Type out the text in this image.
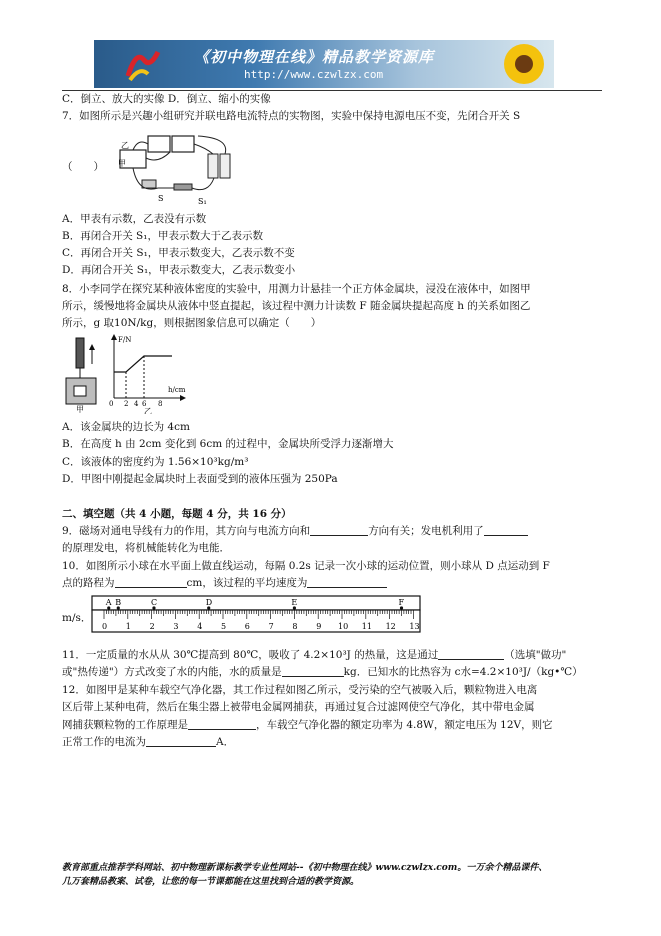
《初中物理在线》精品教学资源库
http://www.czwlzx.com
C．倒立、放大的实像 D．倒立、缩小的实像
7．如图所示是兴趣小组研究并联电路电流特点的实物图，实验中保持电源电压不变，先闭合开关 S
（　　） 甲
乙
S	S₁
A．甲表有示数，乙表没有示数
B．再闭合开关 S₁，甲表示数大于乙表示数
C．再闭合开关 S₁，甲表示数变大，乙表示数不变
D．再闭合开关 S₁，甲表示数变大，乙表示数变小
8．小李同学在探究某种液体密度的实验中，用测力计悬挂一个正方体金属块，浸没在液体中，如图甲
所示，缓慢地将金属块从液体中竖直提起，该过程中测力计读数 F 随金属块提起高度 h 的关系如图乙
所示，g 取10N/kg，则根据图象信息可以确定（　　）
甲
F/N
h/cm
0 2 4 6 8
乙
A．该金属块的边长为 4cm
B．在高度 h 由 2cm 变化到 6cm 的过程中，金属块所受浮力逐渐增大
C．该液体的密度约为 1.56×10³kg/m³
D．甲图中刚提起金属块时上表面受到的液体压强为 250Pa
二、填空题（共 4 小题，每题 4 分，共 16 分）
9．磁场对通电导线有力的作用，其方向与电流方向和	方向有关；发电机利用了
的原理发电，将机械能转化为电能．
10．如图所示小球在水平面上做直线运动，每隔 0.2s 记录一次小球的运动位置，则小球从 D 点运动到 F
点的路程为	cm，该过程的平均速度为
m/s．
A B	C	D	E	F
0 1 2 3 4 5 6 7 8 9 10 11 12 13
11．一定质量的水从从 30℃提高到 80℃，吸收了 4.2×10³J 的热量，这是通过	（选填"做功"
或"热传递"）方式改变了水的内能，水的质量是	kg．已知水的比热容为 c水=4.2×10³J/（kg•℃）
12．如图甲是某种车载空气净化器，其工作过程如图乙所示，受污染的空气被吸入后，颗粒物进入电离
区后带上某种电荷，然后在集尘器上被带电金属网捕获，再通过复合过滤网使空气净化，其中带电金属
网捕获颗粒物的工作原理是	，车载空气净化器的额定功率为 4.8W，额定电压为 12V，则它
正常工作的电流为	A．
教育部重点推荐学科网站、初中物理新课标教学专业性网站--《初中物理在线》www.czwlzx.com。一万余个精品课件、
几万套精品教案、试卷，让您的每一节课都能在这里找到合适的教学资源。
